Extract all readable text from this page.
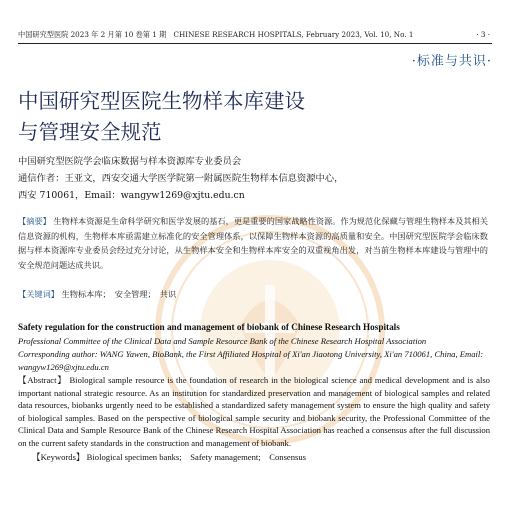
中国研究型医院 2023 年 2 月第 10 卷第 1 期　CHINESE RESEARCH HOSPITALS, February 2023, Vol. 10, No. 1	· 3 ·
·标准与共识·
中国研究型医院生物样本库建设
与管理安全规范
中国研究型医院学会临床数据与样本资源库专业委员会
通信作者：王亚文，西安交通大学医学院第一附属医院生物样本信息资源中心，
西安 710061，Email：wangyw1269@xjtu.edu.cn
【摘要】 生物样本资源是生命科学研究和医学发展的基石，更是重要的国家战略性资源。作为规范化保藏与管理生物样本及其相关信息资源的机构，生物样本库亟需建立标准化的安全管理体系，以保障生物样本资源的高质量和安全。中国研究型医院学会临床数据与样本资源库专业委员会经过充分讨论，从生物样本安全和生物样本库安全的双重视角出发，对当前生物样本库建设与管理中的安全规范问题达成共识。
【关键词】 生物标本库；　安全管理；　共识
Safety regulation for the construction and management of biobank of Chinese Research Hospitals
Professional Committee of the Clinical Data and Sample Resource Bank of the Chinese Research Hospital Association
Corresponding author: WANG Yawen, BioBank, the First Affiliated Hospital of Xi'an Jiaotong University, Xi'an 710061, China, Email: wangyw1269@xjtu.edu.cn
【Abstract】 Biological sample resource is the foundation of research in the biological science and medical development and is also important national strategic resource. As an institution for standardized preservation and management of biological samples and related data resources, biobanks urgently need to be established a standardized safety management system to ensure the high quality and safety of biological samples. Based on the perspective of biological sample security and biobank security, the Professional Committee of the Clinical Data and Sample Resource Bank of the Chinese Research Hospital Association has reached a consensus after the full discussion on the current safety standards in the construction and management of biobank.
【Keywords】 Biological specimen banks;　Safety management;　Consensus
